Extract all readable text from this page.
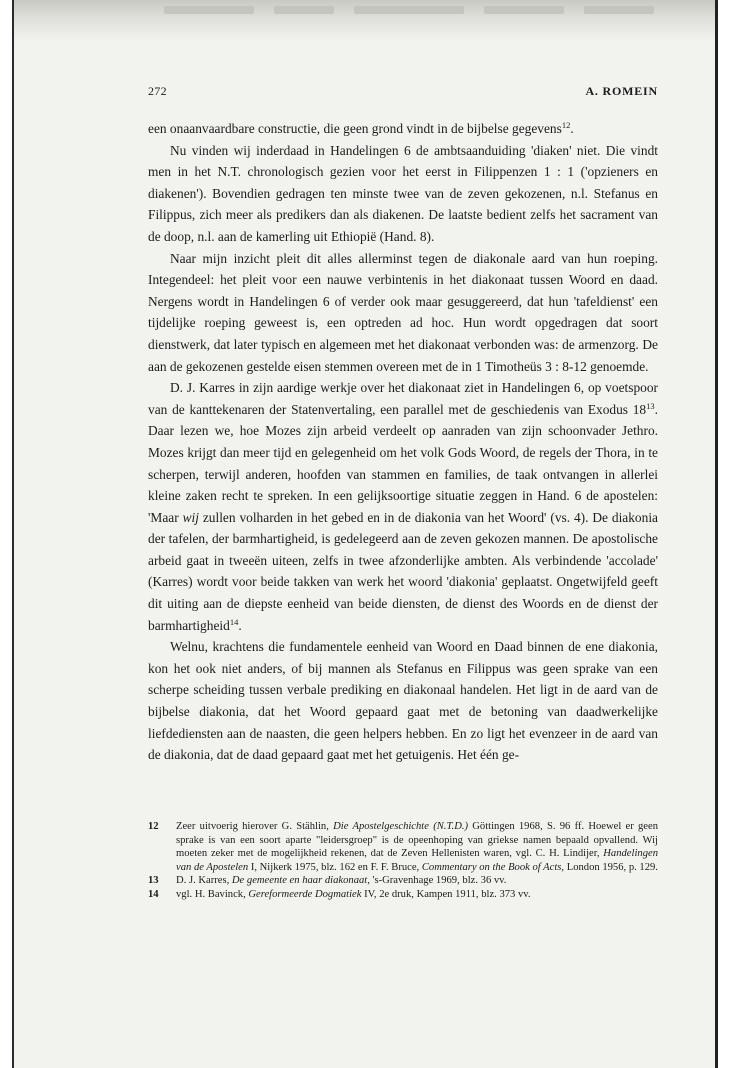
272	A. ROMEIN

een onaanvaardbare constructie, die geen grond vindt in de bijbelse gegevens$^{12}$.

Nu vinden wij inderdaad in Handelingen 6 de ambtsaanduiding 'diaken' niet. Die vindt men in het N.T. chronologisch gezien voor het eerst in Filippenzen 1 : 1 ('opzieners en diakenen'). Bovendien gedragen ten minste twee van de zeven gekozenen, n.l. Stefanus en Filippus, zich meer als predikers dan als diakenen. De laatste bedient zelfs het sacrament van de doop, n.l. aan de kamerling uit Ethiopië (Hand. 8).

Naar mijn inzicht pleit dit alles allerminst tegen de diakonale aard van hun roeping. Integendeel: het pleit voor een nauwe verbintenis in het diakonaat tussen Woord en daad. Nergens wordt in Handelingen 6 of verder ook maar gesuggereerd, dat hun 'tafeldienst' een tijdelijke roeping geweest is, een optreden ad hoc. Hun wordt opgedragen dat soort dienstwerk, dat later typisch en algemeen met het diakonaat verbonden was: de armenzorg. De aan de gekozenen gestelde eisen stemmen overeen met de in 1 Timotheüs 3 : 8-12 genoemde.

D. J. Karres in zijn aardige werkje over het diakonaat ziet in Handelingen 6, op voetspoor van de kanttekenaren der Statenvertaling, een parallel met de geschiedenis van Exodus $18^{13}$. Daar lezen we, hoe Mozes zijn arbeid verdeelt op aanraden van zijn schoonvader Jethro. Mozes krijgt dan meer tijd en gelegenheid om het volk Gods Woord, de regels der Thora, in te scherpen, terwijl anderen, hoofden van stammen en families, de taak ontvangen in allerlei kleine zaken recht te spreken. In een gelijksoortige situatie zeggen in Hand. 6 de apostelen: 'Maar wij zullen volharden in het gebed en in de diakonia van het Woord' (vs. 4). De diakonia der tafelen, der barmhartigheid, is gedelegeerd aan de zeven gekozen mannen. De apostolische arbeid gaat in tweeën uiteen, zelfs in twee afzonderlijke ambten. Als verbindende 'accolade' (Karres) wordt voor beide takken van werk het woord 'diakonia' geplaatst. Ongetwijfeld geeft dit uiting aan de diepste eenheid van beide diensten, de dienst des Woords en de dienst der barmhartigheid$^{14}$.

Welnu, krachtens die fundamentele eenheid van Woord en Daad binnen de ene diakonia, kon het ook niet anders, of bij mannen als Stefanus en Filippus was geen sprake van een scherpe scheiding tussen verbale prediking en diakonaal handelen. Het ligt in de aard van de bijbelse diakonia, dat het Woord gepaard gaat met de betoning van daadwerkelijke liefdediensten aan de naasten, die geen helpers hebben. En zo ligt het evenzeer in de aard van de diakonia, dat de daad gepaard gaat met het getuigenis. Het één ge-

12 Zeer uitvoerig hierover G. Stählin, Die Apostelgeschichte (N.T.D.) Göttingen 1968, S. 96 ff. Hoewel er geen sprake is van een soort aparte "leidersgroep" is de opeenhoping van griekse namen bepaald opvallend. Wij moeten zeker met de mogelijkheid rekenen, dat de Zeven Hellenisten waren, vgl. C. H. Lindijer, Handelingen van de Apostelen I, Nijkerk 1975, blz. 162 en F. F. Bruce, Commentary on the Book of Acts, London 1956, p. 129.

13 D. J. Karres, De gemeente en haar diakonaat, 's-Gravenhage 1969, blz. 36 vv.

14 vgl. H. Bavinck, Gereformeerde Dogmatiek IV, 2e druk, Kampen 1911, blz. 373 vv.
